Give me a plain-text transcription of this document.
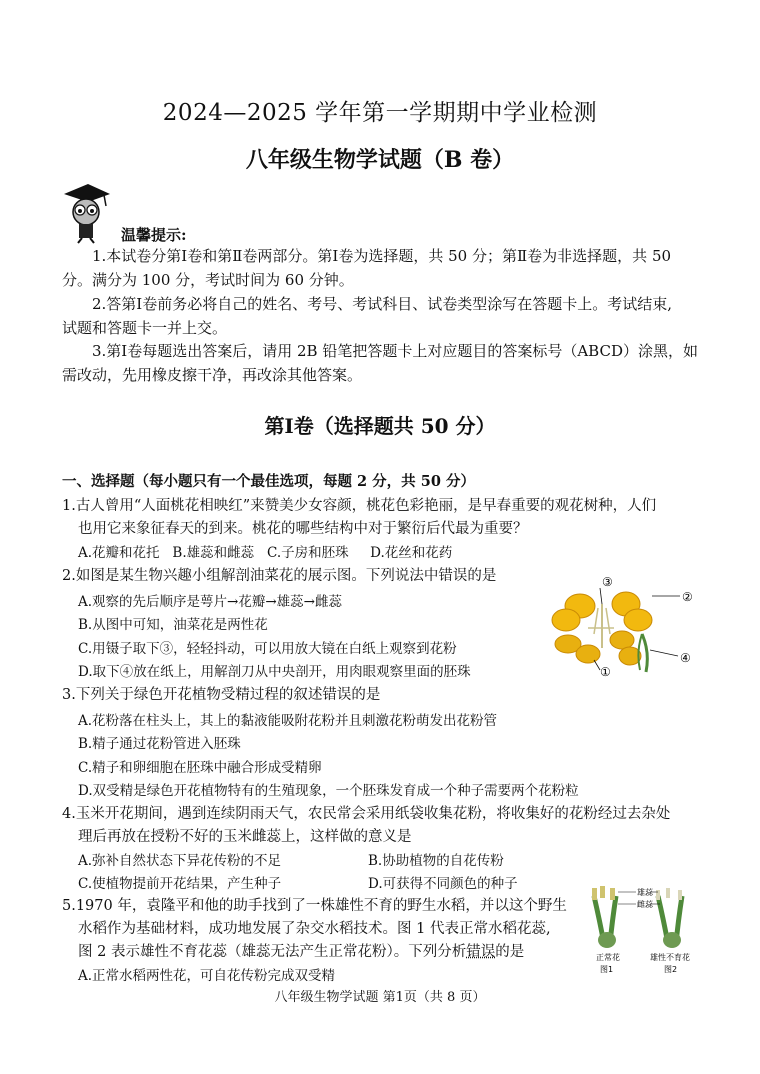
2024—2025 学年第一学期期中学业检测
八年级生物学试题（B 卷）
温馨提示:
1.本试卷分第Ⅰ卷和第Ⅱ卷两部分。第Ⅰ卷为选择题，共 50 分；第Ⅱ卷为非选择题，共 50
分。满分为 100 分，考试时间为 60 分钟。
2.答第Ⅰ卷前务必将自己的姓名、考号、考试科目、试卷类型涂写在答题卡上。考试结束,
试题和答题卡一并上交。
3.第Ⅰ卷每题选出答案后，请用 2B 铅笔把答题卡上对应题目的答案标号（ABCD）涂黑，如
需改动，先用橡皮擦干净，再改涂其他答案。
第Ⅰ卷（选择题共 50 分）
一、选择题（每小题只有一个最佳选项，每题 2 分，共 50 分）
1.古人曾用“人面桃花相映红”来赞美少女容颜，桃花色彩艳丽，是早春重要的观花树种，人们
也用它来象征春天的到来。桃花的哪些结构中对于繁衍后代最为重要？
A.花瓣和花托   B.雄蕊和雌蕊   C.子房和胚珠     D.花丝和花药
2.如图是某生物兴趣小组解剖油菜花的展示图。下列说法中错误的是
A.观察的先后顺序是萼片→花瓣→雄蕊→雌蕊
B.从图中可知，油菜花是两性花
C.用镊子取下③，轻轻抖动，可以用放大镜在白纸上观察到花粉
D.取下④放在纸上，用解剖刀从中央剖开，用肉眼观察里面的胚珠
③
②
④
①
3.下列关于绿色开花植物受精过程的叙述错误的是
A.花粉落在柱头上，其上的黏液能吸附花粉并且刺激花粉萌发出花粉管
B.精子通过花粉管进入胚珠
C.精子和卵细胞在胚珠中融合形成受精卵
D.双受精是绿色开花植物特有的生殖现象，一个胚珠发育成一个种子需要两个花粉粒
4.玉米开花期间，遇到连续阴雨天气，农民常会采用纸袋收集花粉，将收集好的花粉经过去杂处
理后再放在授粉不好的玉米雌蕊上，这样做的意义是
A.弥补自然状态下异花传粉的不足	B.协助植物的自花传粉
C.使植物提前开花结果，产生种子	D.可获得不同颜色的种子
5.1970 年，袁隆平和他的助手找到了一株雄性不育的野生水稻，并以这个野生
水稻作为基础材料，成功地发展了杂交水稻技术。图 1 代表正常水稻花蕊,
图 2 表示雄性不育花蕊（雄蕊无法产生正常花粉）。下列分析错误的是
A.正常水稻两性花，可自花传粉完成双受精
雄蕊
雌蕊
正常花
图1
雄性不育花
图2
八年级生物学试题 第1页（共 8 页）
